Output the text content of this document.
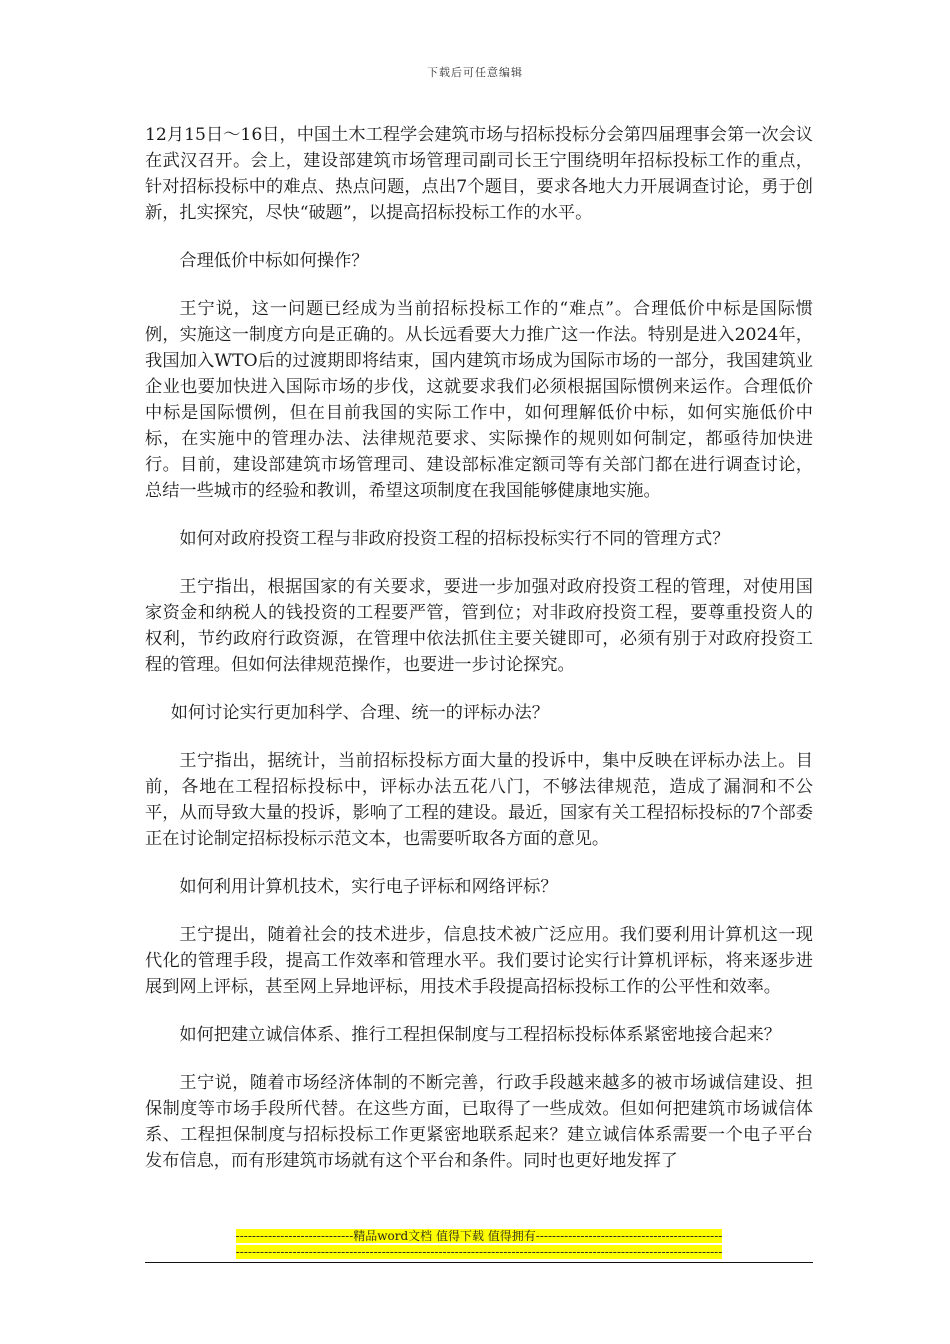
下载后可任意编辑

12月15日～16日，中国土木工程学会建筑市场与招标投标分会第四届理事会第一次会议在武汉召开。会上，建设部建筑市场管理司副司长王宁围绕明年招标投标工作的重点，针对招标投标中的难点、热点问题，点出7个题目，要求各地大力开展调查讨论，勇于创新，扎实探究，尽快“破题”，以提高招标投标工作的水平。

合理低价中标如何操作？

王宁说，这一问题已经成为当前招标投标工作的“难点”。合理低价中标是国际惯例，实施这一制度方向是正确的。从长远看要大力推广这一作法。特别是进入2024年，我国加入WTO后的过渡期即将结束，国内建筑市场成为国际市场的一部分，我国建筑业企业也要加快进入国际市场的步伐，这就要求我们必须根据国际惯例来运作。合理低价中标是国际惯例，但在目前我国的实际工作中，如何理解低价中标，如何实施低价中标，在实施中的管理办法、法律规范要求、实际操作的规则如何制定，都亟待加快进行。目前，建设部建筑市场管理司、建设部标准定额司等有关部门都在进行调查讨论，总结一些城市的经验和教训，希望这项制度在我国能够健康地实施。

如何对政府投资工程与非政府投资工程的招标投标实行不同的管理方式？

王宁指出，根据国家的有关要求，要进一步加强对政府投资工程的管理，对使用国家资金和纳税人的钱投资的工程要严管，管到位；对非政府投资工程，要尊重投资人的权利，节约政府行政资源，在管理中依法抓住主要关键即可，必须有别于对政府投资工程的管理。但如何法律规范操作，也要进一步讨论探究。

如何讨论实行更加科学、合理、统一的评标办法？

王宁指出，据统计，当前招标投标方面大量的投诉中，集中反映在评标办法上。目前，各地在工程招标投标中，评标办法五花八门，不够法律规范，造成了漏洞和不公平，从而导致大量的投诉，影响了工程的建设。最近，国家有关工程招标投标的7个部委正在讨论制定招标投标示范文本，也需要听取各方面的意见。

如何利用计算机技术，实行电子评标和网络评标？

王宁提出，随着社会的技术进步，信息技术被广泛应用。我们要利用计算机这一现代化的管理手段，提高工作效率和管理水平。我们要讨论实行计算机评标，将来逐步进展到网上评标，甚至网上异地评标，用技术手段提高招标投标工作的公平性和效率。

如何把建立诚信体系、推行工程担保制度与工程招标投标体系紧密地接合起来？

王宁说，随着市场经济体制的不断完善，行政手段越来越多的被市场诚信建设、担保制度等市场手段所代替。在这些方面，已取得了一些成效。但如何把建筑市场诚信体系、工程担保制度与招标投标工作更紧密地联系起来？建立诚信体系需要一个电子平台发布信息，而有形建筑市场就有这个平台和条件。同时也更好地发挥了

-----------------------------精品word文档 值得下载 值得拥有----------------------------------------------
------------------------------------------------------------------------------------------------------------------------
